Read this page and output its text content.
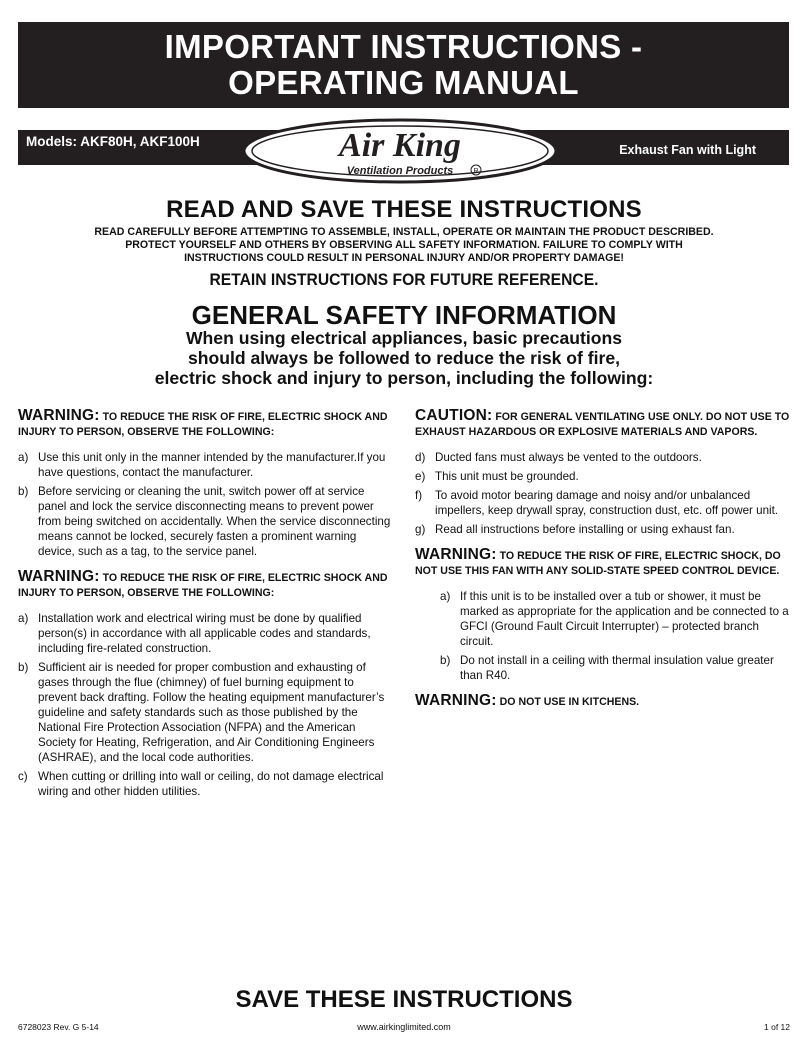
IMPORTANT INSTRUCTIONS -
OPERATING MANUAL
Models: AKF80H, AKF100H
Exhaust Fan with Light
Air King
Ventilation Products	R
READ AND SAVE THESE INSTRUCTIONS
READ CAREFULLY BEFORE ATTEMPTING TO ASSEMBLE, INSTALL, OPERATE OR MAINTAIN THE PRODUCT DESCRIBED.
PROTECT YOURSELF AND OTHERS BY OBSERVING ALL SAFETY INFORMATION. FAILURE TO COMPLY WITH
INSTRUCTIONS COULD RESULT IN PERSONAL INJURY AND/OR PROPERTY DAMAGE!
RETAIN INSTRUCTIONS FOR FUTURE REFERENCE.
GENERAL SAFETY INFORMATION
When using electrical appliances, basic precautions
should always be followed to reduce the risk of fire,
electric shock and injury to person, including the following:
WARNING: TO REDUCE THE RISK OF FIRE, ELECTRIC SHOCK AND INJURY TO PERSON, OBSERVE THE FOLLOWING:
a) Use this unit only in the manner intended by the manufacturer.If you have questions, contact the manufacturer.
b) Before servicing or cleaning the unit, switch power off at service panel and lock the service disconnecting means to prevent power from being switched on accidentally. When the service disconnecting means cannot be locked, securely fasten a prominent warning device, such as a tag, to the service panel.
WARNING: TO REDUCE THE RISK OF FIRE, ELECTRIC SHOCK AND INJURY TO PERSON, OBSERVE THE FOLLOWING:
a) Installation work and electrical wiring must be done by qualified person(s) in accordance with all applicable codes and standards, including fire-related construction.
b) Sufficient air is needed for proper combustion and exhausting of gases through the flue (chimney) of fuel burning equipment to prevent back drafting. Follow the heating equipment manufacturer’s guideline and safety standards such as those published by the National Fire Protection Association (NFPA) and the American Society for Heating, Refrigeration, and Air Conditioning Engineers (ASHRAE), and the local code authorities.
c) When cutting or drilling into wall or ceiling, do not damage electrical wiring and other hidden utilities.
CAUTION: FOR GENERAL VENTILATING USE ONLY. DO NOT USE TO EXHAUST HAZARDOUS OR EXPLOSIVE MATERIALS AND VAPORS.
d) Ducted fans must always be vented to the outdoors.
e) This unit must be grounded.
f)	To avoid motor bearing damage and noisy and/or unbalanced impellers, keep drywall spray, construction dust, etc. off power unit.
g) Read all instructions before installing or using exhaust fan.
WARNING: TO REDUCE THE RISK OF FIRE, ELECTRIC SHOCK, DO NOT USE THIS FAN WITH ANY SOLID-STATE SPEED CONTROL DEVICE.
a) If this unit is to be installed over a tub or shower, it must be marked as appropriate for the application and be connected to a GFCI (Ground Fault Circuit Interrupter) – protected branch circuit.
b) Do not install in a ceiling with thermal insulation value greater than R40.
WARNING: DO NOT USE IN KITCHENS.
SAVE THESE INSTRUCTIONS
6728023 Rev. G 5-14	www.airkinglimited.com	1 of 12
